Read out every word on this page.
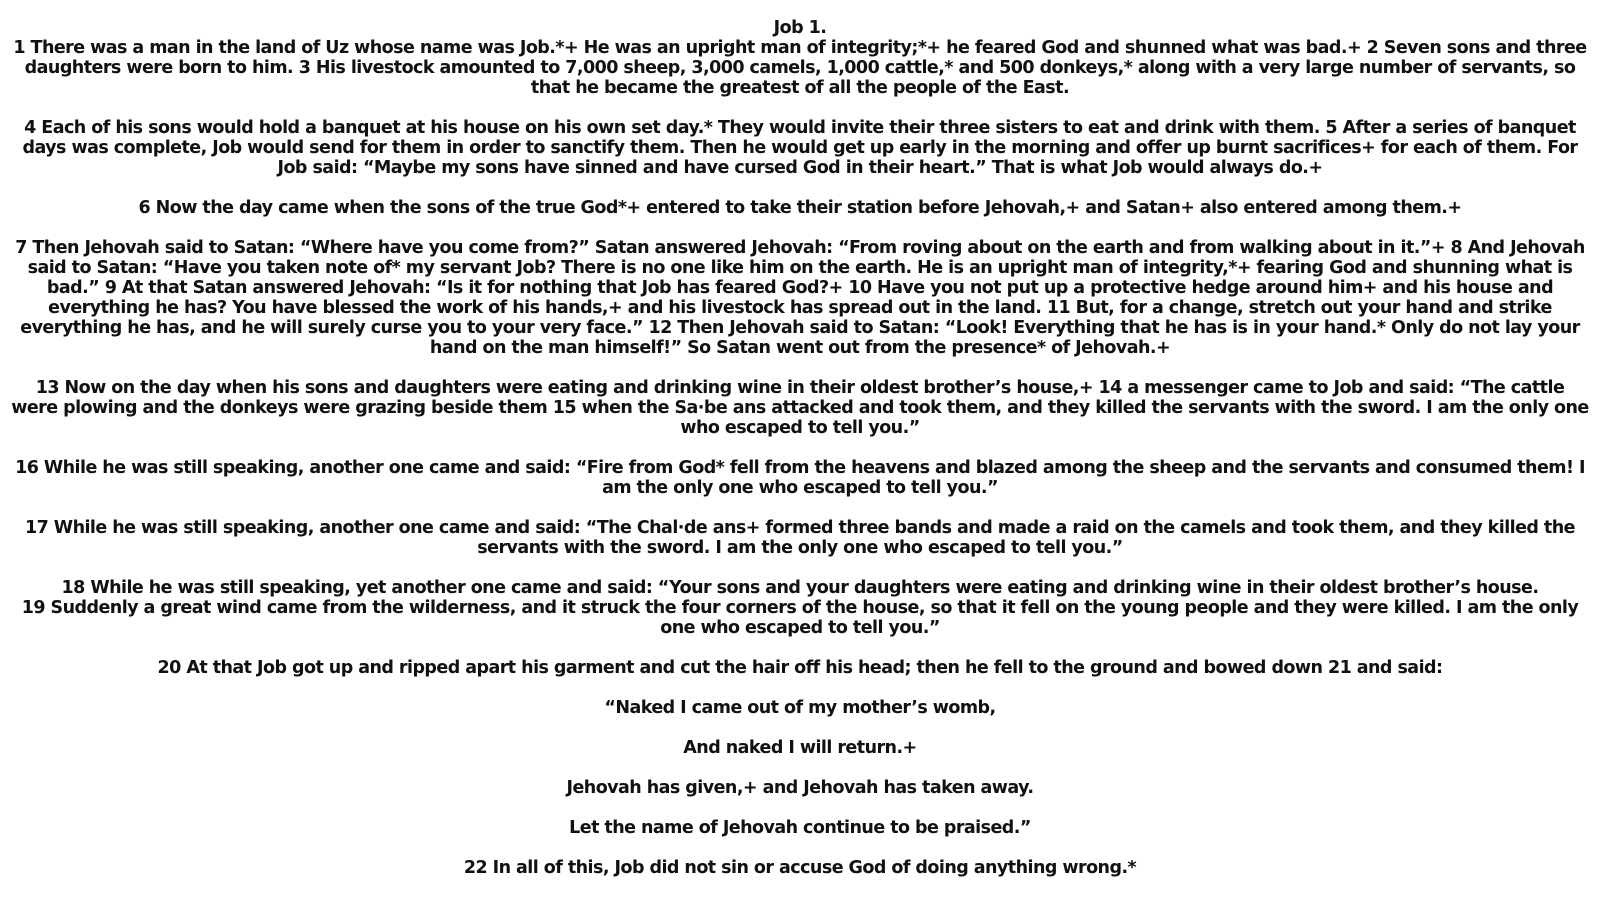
Job 1.

1 There was a man in the land of Uz whose name was Job.*+ He was an upright man of integrity;*+ he feared God and shunned what was bad.+ 2 Seven sons and three daughters were born to him. 3 His livestock amounted to 7,000 sheep, 3,000 camels, 1,000 cattle,* and 500 donkeys,* along with a very large number of servants, so that he became the greatest of all the people of the East.

4 Each of his sons would hold a banquet at his house on his own set day.* They would invite their three sisters to eat and drink with them. 5 After a series of banquet days was complete, Job would send for them in order to sanctify them. Then he would get up early in the morning and offer up burnt sacrifices+ for each of them. For Job said: “Maybe my sons have sinned and have cursed God in their heart.” That is what Job would always do.+

6 Now the day came when the sons of the true God*+ entered to take their station before Jehovah,+ and Satan+ also entered among them.+

7 Then Jehovah said to Satan: “Where have you come from?” Satan answered Jehovah: “From roving about on the earth and from walking about in it.”+ 8 And Jehovah said to Satan: “Have you taken note of* my servant Job? There is no one like him on the earth. He is an upright man of integrity,*+ fearing God and shunning what is bad.” 9 At that Satan answered Jehovah: “Is it for nothing that Job has feared God?+ 10 Have you not put up a protective hedge around him+ and his house and everything he has? You have blessed the work of his hands,+ and his livestock has spread out in the land. 11 But, for a change, stretch out your hand and strike everything he has, and he will surely curse you to your very face.” 12 Then Jehovah said to Satan: “Look! Everything that he has is in your hand.* Only do not lay your hand on the man himself!” So Satan went out from the presence* of Jehovah.+

13 Now on the day when his sons and daughters were eating and drinking wine in their oldest brother’s house,+ 14 a messenger came to Job and said: “The cattle were plowing and the donkeys were grazing beside them 15 when the Sa·be ans attacked and took them, and they killed the servants with the sword. I am the only one who escaped to tell you.”

16 While he was still speaking, another one came and said: “Fire from God* fell from the heavens and blazed among the sheep and the servants and consumed them! I am the only one who escaped to tell you.”

17 While he was still speaking, another one came and said: “The Chal·de ans+ formed three bands and made a raid on the camels and took them, and they killed the servants with the sword. I am the only one who escaped to tell you.”

18 While he was still speaking, yet another one came and said: “Your sons and your daughters were eating and drinking wine in their oldest brother’s house. 19 Suddenly a great wind came from the wilderness, and it struck the four corners of the house, so that it fell on the young people and they were killed. I am the only one who escaped to tell you.”

20 At that Job got up and ripped apart his garment and cut the hair off his head; then he fell to the ground and bowed down 21 and said:

“Naked I came out of my mother’s womb,

And naked I will return.+

Jehovah has given,+ and Jehovah has taken away.

Let the name of Jehovah continue to be praised.”

22 In all of this, Job did not sin or accuse God of doing anything wrong.*
